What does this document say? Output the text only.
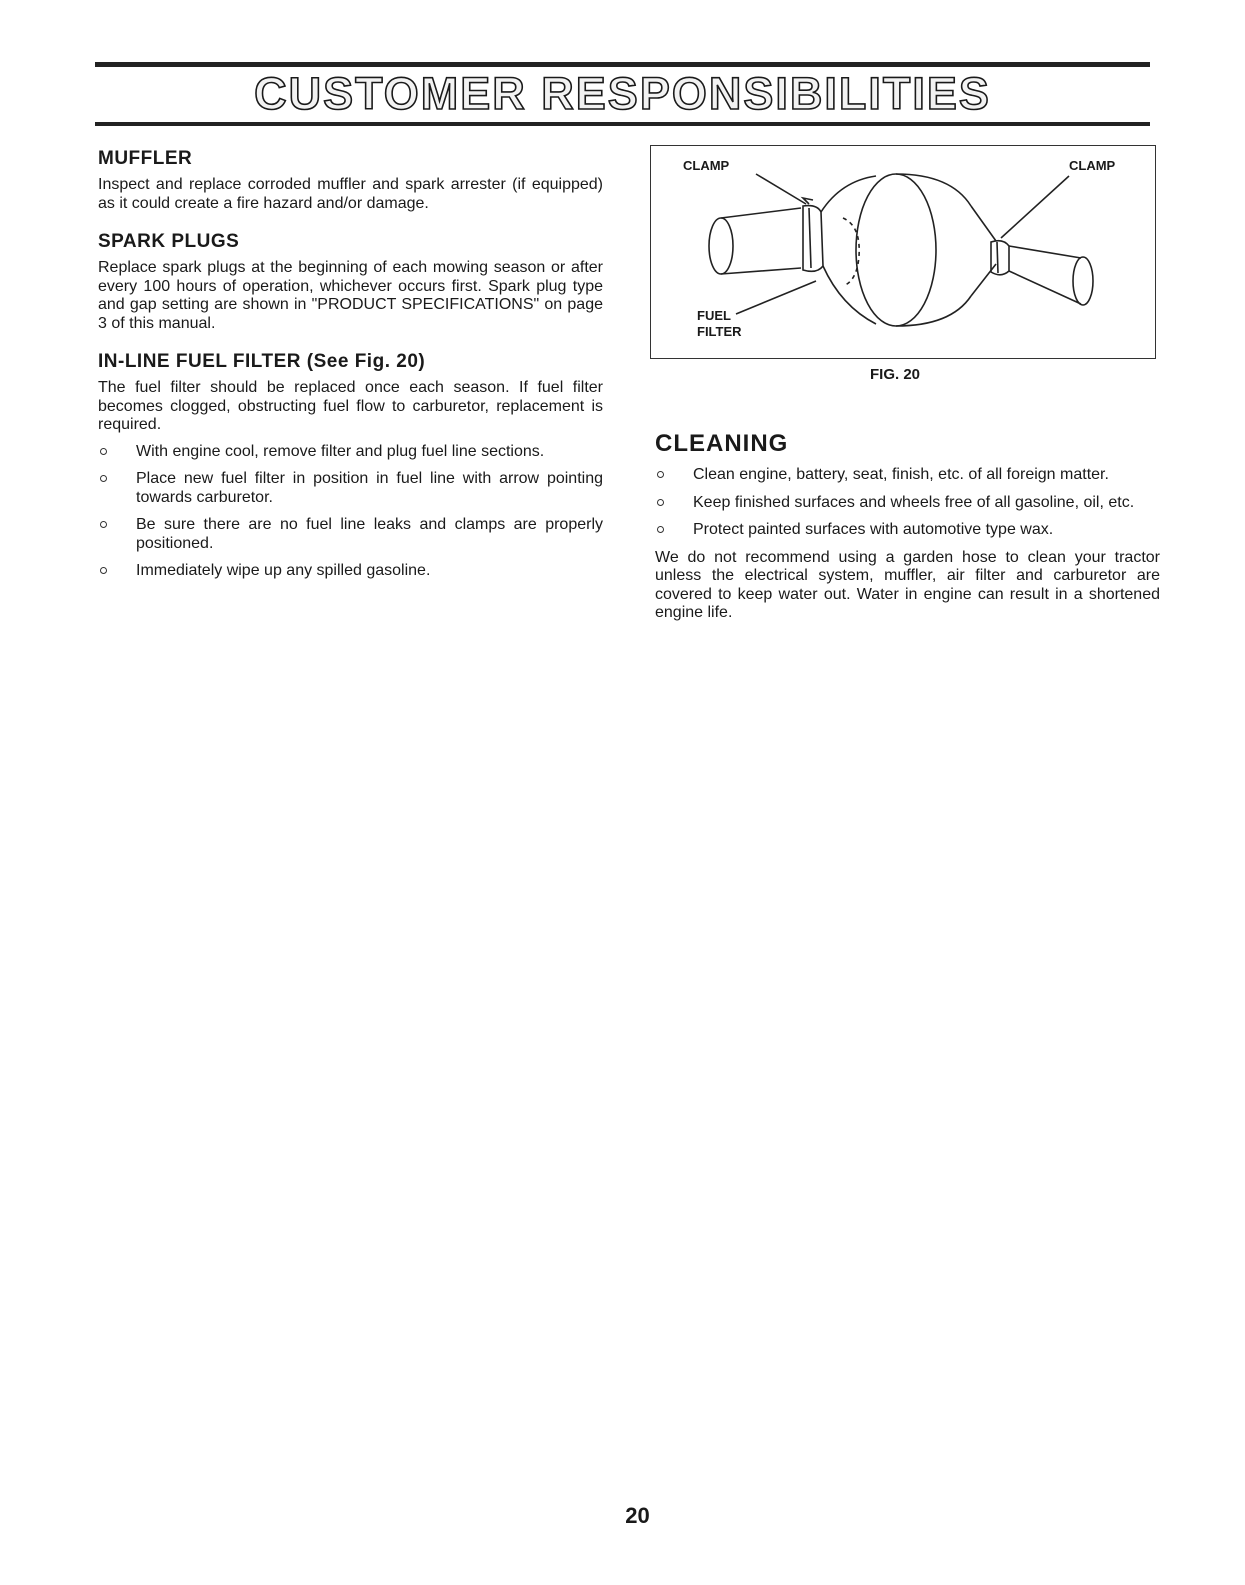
CUSTOMER RESPONSIBILITIES
MUFFLER

Inspect and replace corroded muffler and spark arrester (if equipped) as it could create a fire hazard and/or damage.

SPARK PLUGS

Replace spark plugs at the beginning of each mowing season or after every 100 hours of operation, whichever occurs first. Spark plug type and gap setting are shown in "PRODUCT SPECIFICATIONS" on page 3 of this manual.

IN-LINE FUEL FILTER (See Fig. 20)

The fuel filter should be replaced once each season. If fuel filter becomes clogged, obstructing fuel flow to carburetor, replacement is required.

With engine cool, remove filter and plug fuel line sections.
Place new fuel filter in position in fuel line with arrow pointing towards carburetor.
Be sure there are no fuel line leaks and clamps are properly positioned.
Immediately wipe up any spilled gasoline.
CLAMP	CLAMP
FUEL
FILTER
FIG. 20
CLEANING
Clean engine, battery, seat, finish, etc. of all foreign matter.
Keep finished surfaces and wheels free of all gasoline, oil, etc.
Protect painted surfaces with automotive type wax.

We do not recommend using a garden hose to clean your tractor unless the electrical system, muffler, air filter and carburetor are covered to keep water out. Water in engine can result in a shortened engine life.

20
